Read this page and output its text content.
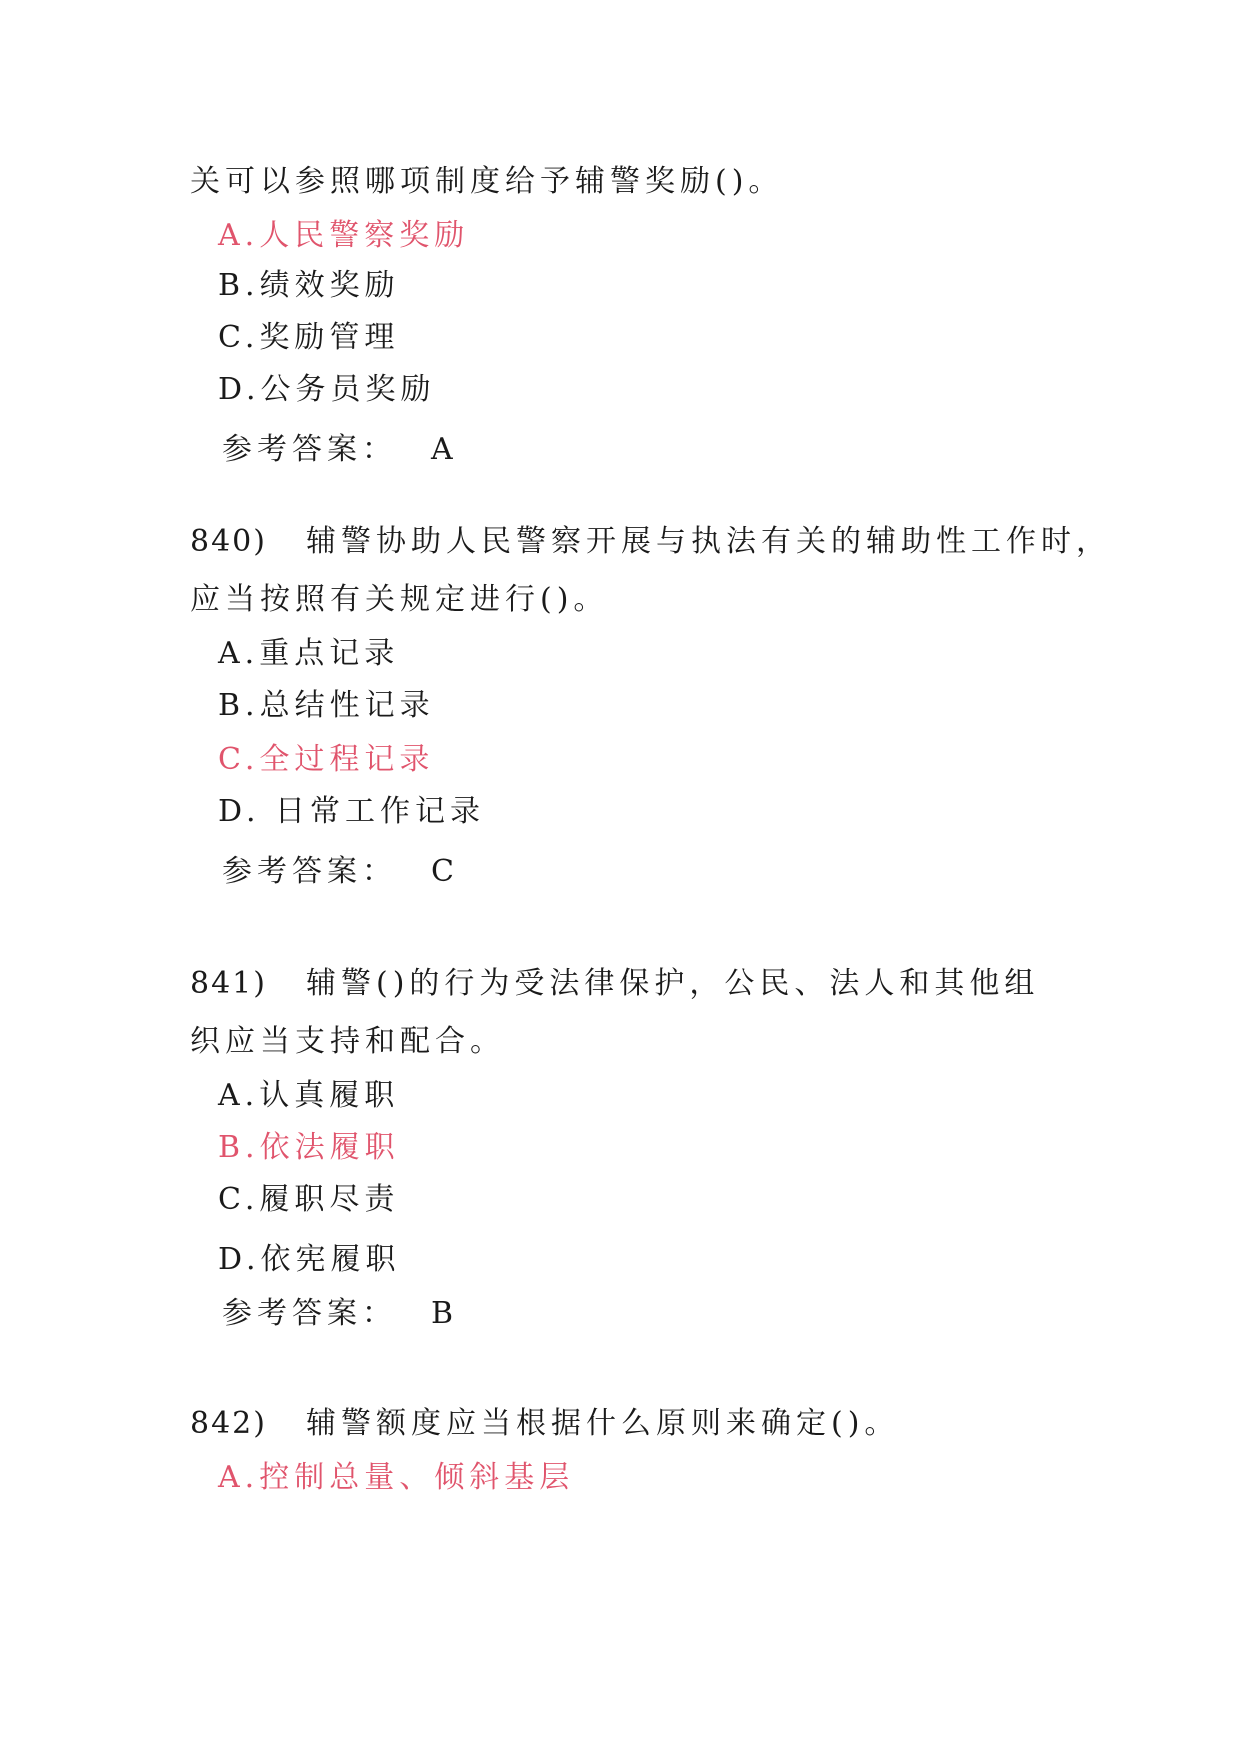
关可以参照哪项制度给予辅警奖励()。
A.人民警察奖励
B.绩效奖励
C.奖励管理
D.公务员奖励
参考答案： A
840) 辅警协助人民警察开展与执法有关的辅助性工作时，
应当按照有关规定进行()。
A.重点记录
B.总结性记录
C.全过程记录
D. 日常工作记录
参考答案： C
841) 辅警()的行为受法律保护，公民、法人和其他组
织应当支持和配合。
A.认真履职
B.依法履职
C.履职尽责
D.依宪履职
参考答案： B
842) 辅警额度应当根据什么原则来确定()。
A.控制总量、倾斜基层
